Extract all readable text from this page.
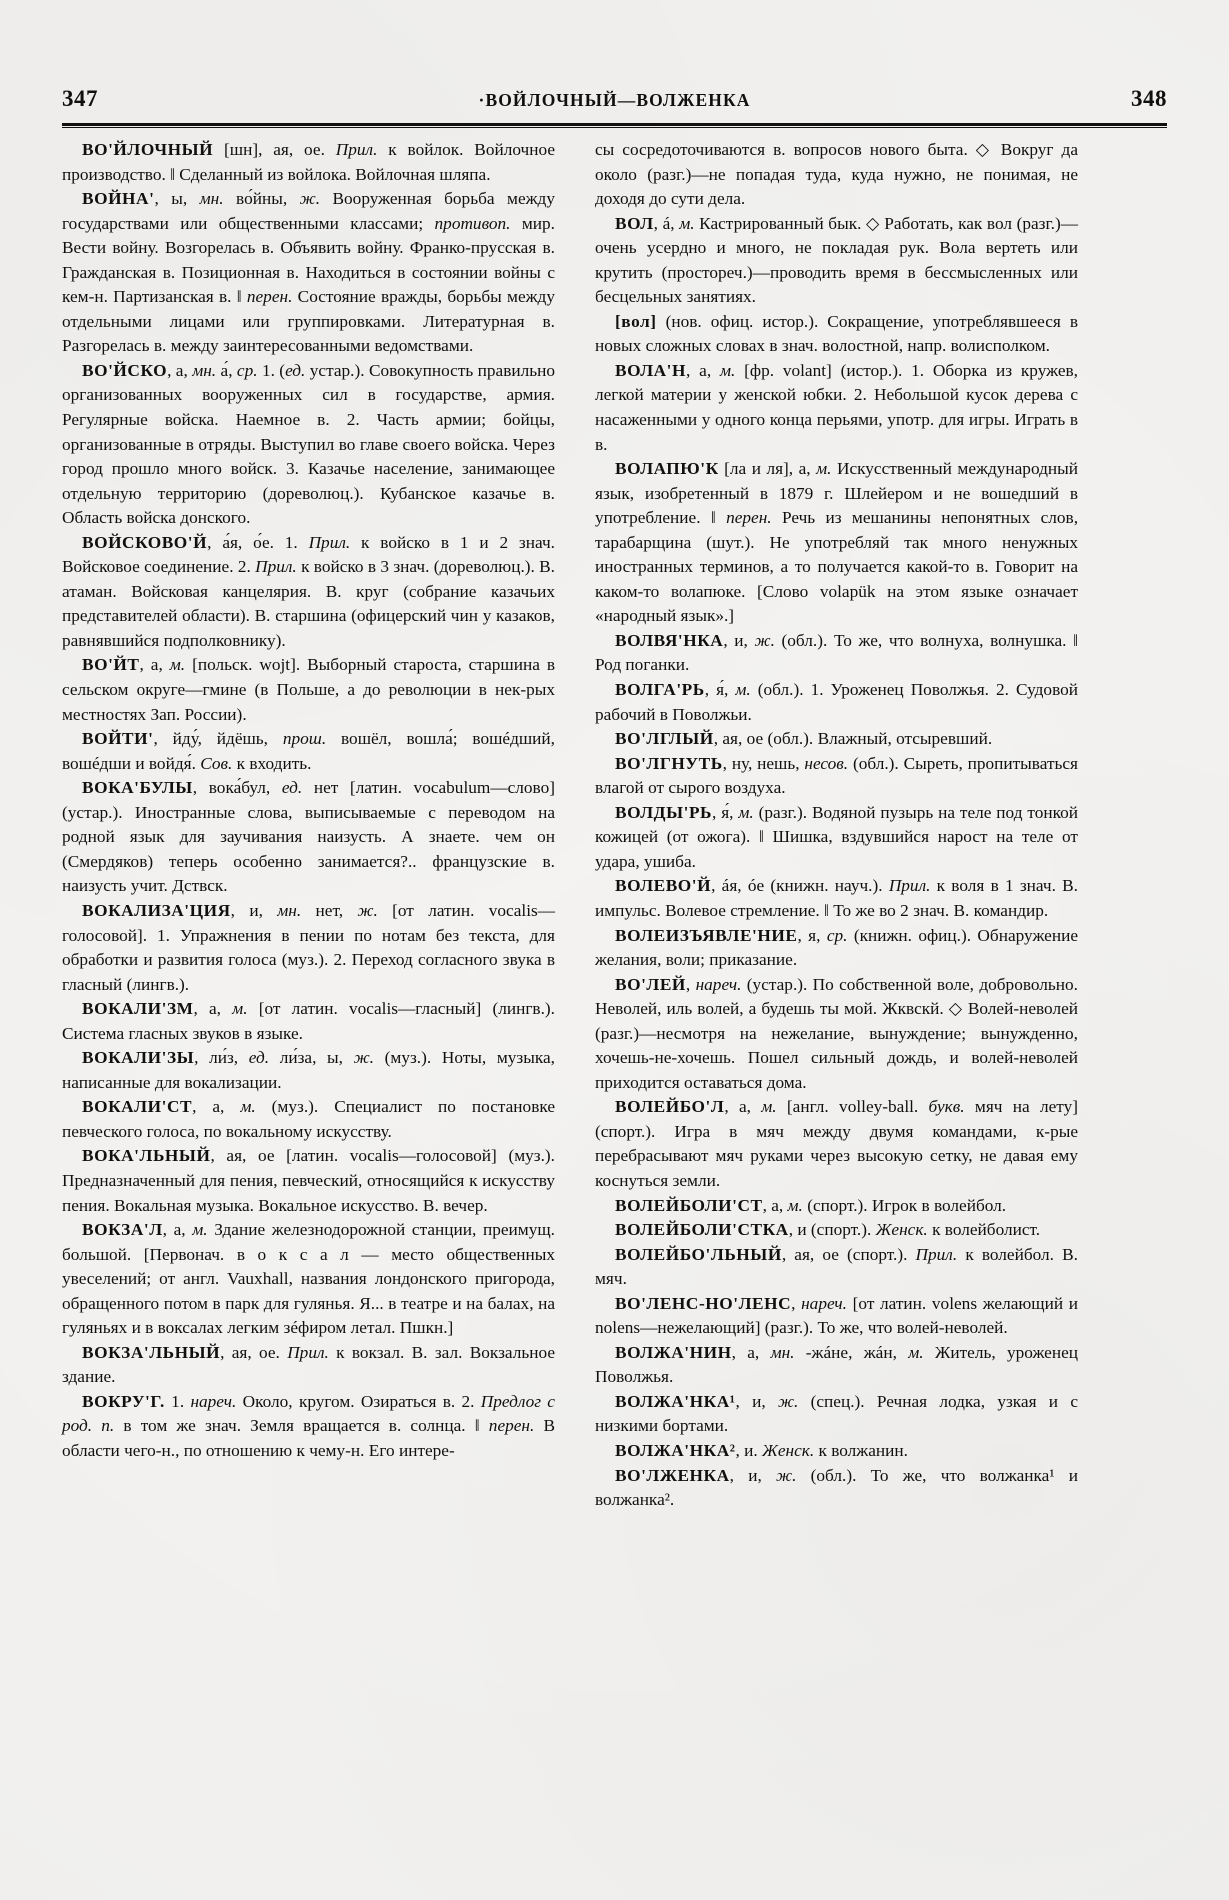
347	·ВОЙЛОЧНЫЙ—ВОЛЖЕНКА	348

ВО'ЙЛОЧНЫЙ [шн], ая, ое. Прил. к войлок. Войлочное производство. ‖ Сделанный из войлока. Войлочная шляпа.

ВОЙНА', ы, мн. во́йны, ж. Вооруженная борьба между государствами или общественными классами; противоп. мир. Вести войну. Возгорелась в. Объявить войну. Франко-прусская в. Гражданская в. Позиционная в. Находиться в состоянии войны с кем-н. Партизанская в. ‖ перен. Состояние вражды, борьбы между отдельными лицами или группировками. Литературная в. Разгорелась в. между заинтересованными ведомствами.

ВО'ЙСКО, а, мн. а́, ср. 1. (ед. устар.). Совокупность правильно организованных вооруженных сил в государстве, армия. Регулярные войска. Наемное в. 2. Часть армии; бойцы, организованные в отряды. Выступил во главе своего войска. Через город прошло много войск. 3. Казачье население, занимающее отдельную территорию (дореволюц.). Кубанское казачье в. Область войска донского.

ВОЙСКОВО'Й, а́я, о́е. 1. Прил. к войско в 1 и 2 знач. Войсковое соединение. 2. Прил. к войско в 3 знач. (дореволюц.). В. атаман. Войсковая канцелярия. В. круг (собрание казачьих представителей области). В. старшина (офицерский чин у казаков, равнявшийся подполковнику).

ВО'ЙТ, а, м. [польск. wojt]. Выборный староста, старшина в сельском округе—гмине (в Польше, а до революции в нек-рых местностях Зап. России).

ВОЙТИ', йду́, йдёшь, прош. вошёл, вошла́; вошéдший, вошéдши и войдя́. Сов. к входить.

ВОКА'БУЛЫ, вока́бул, ед. нет [латин. vocabulum—слово] (устар.). Иностранные слова, выписываемые с переводом на родной язык для заучивания наизусть. А знаете. чем он (Смердяков) теперь особенно занимается?.. французские в. наизусть учит. Дствск.

ВОКАЛИЗА'ЦИЯ, и, мн. нет, ж. [от латин. vocalis—голосовой]. 1. Упражнения в пении по нотам без текста, для обработки и развития голоса (муз.). 2. Переход согласного звука в гласный (лингв.).

ВОКАЛИ'ЗМ, а, м. [от латин. vocalis—гласный] (лингв.). Система гласных звуков в языке.

ВОКАЛИ'ЗЫ, ли́з, ед. ли́за, ы, ж. (муз.). Ноты, музыка, написанные для вокализации.

ВОКАЛИ'СТ, а, м. (муз.). Специалист по постановке певческого голоса, по вокальному искусству.

ВОКА'ЛЬНЫЙ, ая, ое [латин. vocalis—голосовой] (муз.). Предназначенный для пения, певческий, относящийся к искусству пения. Вокальная музыка. Вокальное искусство. В. вечер.

ВОКЗА'Л, а, м. Здание железнодорожной станции, преимущ. большой. [Первонач. в о к с а л — место общественных увеселений; от англ. Vauxhall, названия лондонского пригорода, обращенного потом в парк для гулянья. Я... в театре и на балах, на гуляньях и в воксалах легким зéфиром летал. Пшкн.]

ВОКЗА'ЛЬНЫЙ, ая, ое. Прил. к вокзал. В. зал. Вокзальное здание.

ВОКРУ'Г. 1. нареч. Около, кругом. Озираться в. 2. Предлог с род. п. в том же знач. Земля вращается в. солнца. ‖ перен. В области чего-н., по отношению к чему-н. Его интере-

сы сосредоточиваются в. вопросов нового быта. ◇ Вокруг да около (разг.)—не попадая туда, куда нужно, не понимая, не доходя до сути дела.

ВОЛ, á, м. Кастрированный бык. ◇ Работать, как вол (разг.)—очень усердно и много, не покладая рук. Вола вертеть или крутить (простореч.)—проводить время в бессмысленных или бесцельных занятиях.

[вол] (нов. офиц. истор.). Сокращение, употреблявшееся в новых сложных словах в знач. волостной, напр. волисполком.

ВОЛА'Н, а, м. [фр. volant] (истор.). 1. Оборка из кружев, легкой материи у женской юбки. 2. Небольшой кусок дерева с насаженными у одного конца перьями, употр. для игры. Играть в в.

ВОЛАПЮ'К [ла и ля], а, м. Искусственный международный язык, изобретенный в 1879 г. Шлейером и не вошедший в употребление. ‖ перен. Речь из мешанины непонятных слов, тарабарщина (шут.). Не употребляй так много ненужных иностранных терминов, а то получается какой-то в. Говорит на каком-то волапюке. [Слово volapük на этом языке означает «народный язык».]

ВОЛВЯ'НКА, и, ж. (обл.). То же, что волнуха, волнушка. ‖ Род поганки.

ВОЛГА'РЬ, я́, м. (обл.). 1. Уроженец Поволжья. 2. Судовой рабочий в Поволжьи.

ВО'ЛГЛЫЙ, ая, ое (обл.). Влажный, отсыревший.

ВО'ЛГНУТЬ, ну, нешь, несов. (обл.). Сыреть, пропитываться влагой от сырого воздуха.

ВОЛДЫ'РЬ, я́, м. (разг.). Водяной пузырь на теле под тонкой кожицей (от ожога). ‖ Шишка, вздувшийся нарост на теле от удара, ушиба.

ВОЛЕВО'Й, áя, óе (книжн. науч.). Прил. к воля в 1 знач. В. импульс. Волевое стремление. ‖ То же во 2 знач. В. командир.

ВОЛЕИЗЪЯВЛЕ'НИЕ, я, ср. (книжн. офиц.). Обнаружение желания, воли; приказание.

ВО'ЛЕЙ, нареч. (устар.). По собственной воле, добровольно. Неволей, иль волей, а будешь ты мой. Жквскй. ◇ Волей-неволей (разг.)—несмотря на нежелание, вынуждение; вынужденно, хочешь-не-хочешь. Пошел сильный дождь, и волей-неволей приходится оставаться дома.

ВОЛЕЙБО'Л, а, м. [англ. volley-ball. букв. мяч на лету] (спорт.). Игра в мяч между двумя командами, к-рые перебрасывают мяч руками через высокую сетку, не давая ему коснуться земли.

ВОЛЕЙБОЛИ'СТ, а, м. (спорт.). Игрок в волейбол.

ВОЛЕЙБОЛИ'СТКА, и (спорт.). Женск. к волейболист.

ВОЛЕЙБО'ЛЬНЫЙ, ая, ое (спорт.). Прил. к волейбол. В. мяч.

ВО'ЛЕНС-НО'ЛЕНС, нареч. [от латин. volens желающий и nolens—нежелающий] (разг.). То же, что волей-неволей.

ВОЛЖА'НИН, а, мн. -жáне, жáн, м. Житель, уроженец Поволжья.

ВОЛЖА'НКА¹, и, ж. (спец.). Речная лодка, узкая и с низкими бортами.

ВОЛЖА'НКА², и. Женск. к волжанин.

ВО'ЛЖЕНКА, и, ж. (обл.). То же, что волжанка¹ и волжанка².
